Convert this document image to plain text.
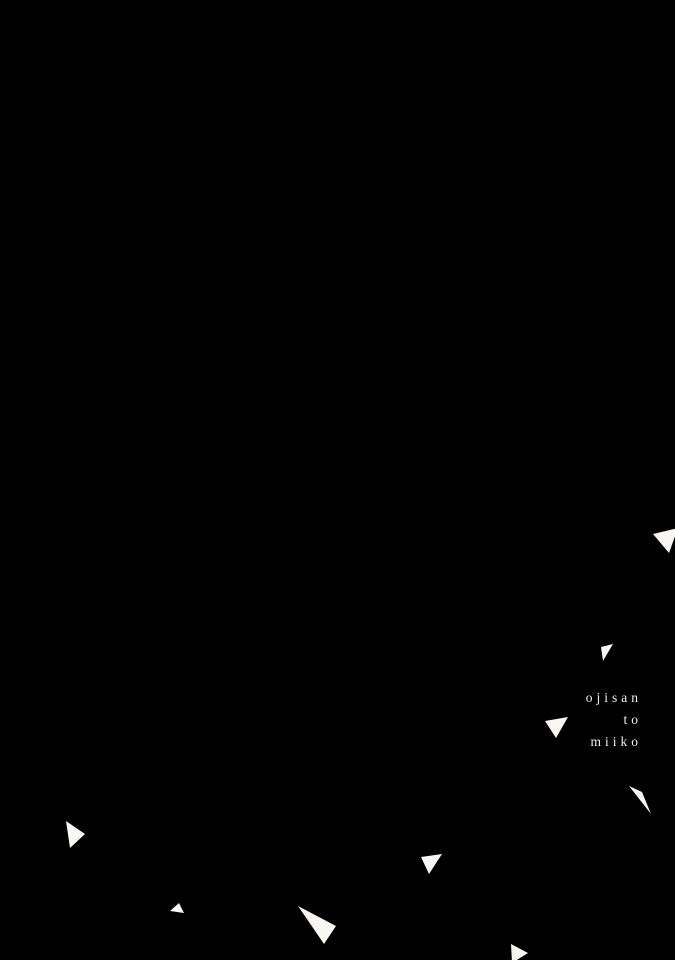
ojisan
to
miiko
